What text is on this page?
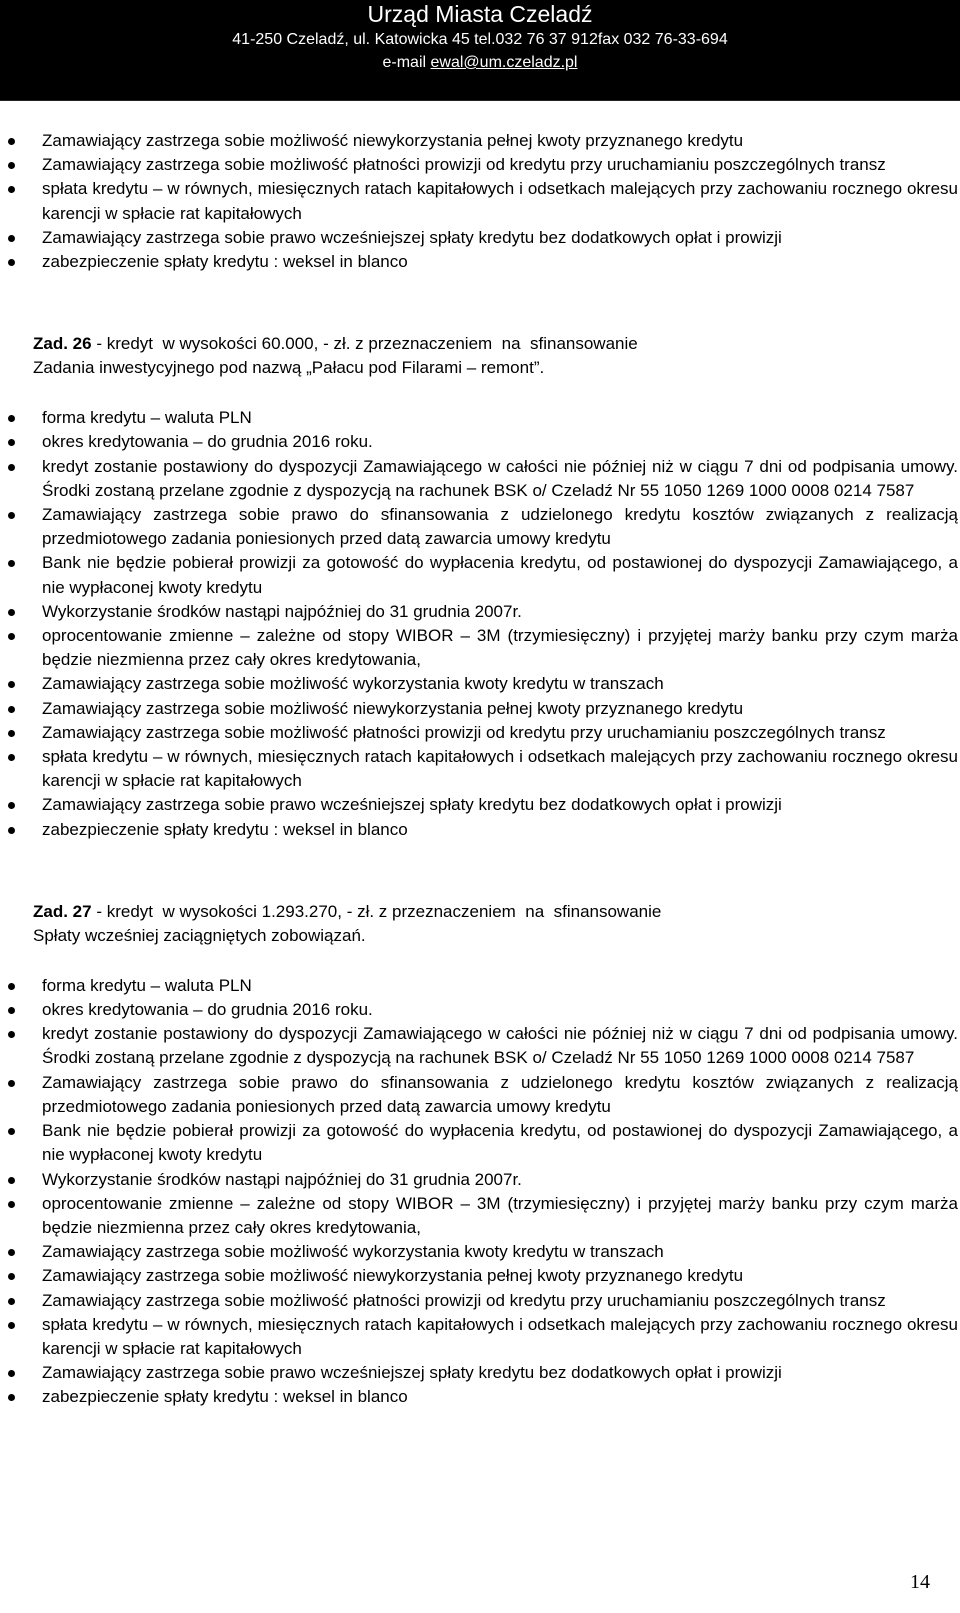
Urząd Miasta Czeladź
41-250 Czeladź, ul. Katowicka 45 tel.032 76 37 912fax 032 76-33-694
e-mail ewal@um.czeladz.pl
Zamawiający zastrzega sobie możliwość niewykorzystania pełnej kwoty przyznanego kredytu
Zamawiający zastrzega sobie możliwość płatności prowizji od kredytu przy uruchamianiu poszczególnych transz
spłata kredytu – w równych, miesięcznych ratach kapitałowych i odsetkach malejących przy zachowaniu rocznego okresu karencji w spłacie rat kapitałowych
Zamawiający zastrzega sobie prawo wcześniejszej spłaty kredytu bez dodatkowych opłat i prowizji
zabezpieczenie spłaty kredytu : weksel in blanco
Zad. 26 - kredyt  w wysokości 60.000, - zł. z przeznaczeniem  na  sfinansowanie
Zadania inwestycyjnego pod nazwą „Pałacu pod Filarami – remont”.
forma kredytu – waluta PLN
okres kredytowania – do grudnia 2016 roku.
kredyt zostanie postawiony do dyspozycji Zamawiającego w całości nie później niż w ciągu 7 dni od podpisania umowy. Środki zostaną przelane zgodnie z dyspozycją na rachunek BSK o/ Czeladź Nr 55 1050 1269 1000 0008 0214 7587
Zamawiający zastrzega sobie prawo do sfinansowania z udzielonego kredytu kosztów związanych z realizacją przedmiotowego zadania poniesionych przed datą zawarcia umowy kredytu
Bank nie będzie pobierał prowizji za gotowość do wypłacenia kredytu, od postawionej do dyspozycji Zamawiającego, a nie wypłaconej kwoty kredytu
Wykorzystanie środków nastąpi najpóźniej do 31 grudnia 2007r.
oprocentowanie zmienne – zależne od stopy WIBOR – 3M (trzymiesięczny) i przyjętej marży banku przy czym marża będzie niezmienna przez cały okres kredytowania,
Zamawiający zastrzega sobie możliwość wykorzystania kwoty kredytu w transzach
Zamawiający zastrzega sobie możliwość niewykorzystania pełnej kwoty przyznanego kredytu
Zamawiający zastrzega sobie możliwość płatności prowizji od kredytu przy uruchamianiu poszczególnych transz
spłata kredytu – w równych, miesięcznych ratach kapitałowych i odsetkach malejących przy zachowaniu rocznego okresu karencji w spłacie rat kapitałowych
Zamawiający zastrzega sobie prawo wcześniejszej spłaty kredytu bez dodatkowych opłat i prowizji
zabezpieczenie spłaty kredytu : weksel in blanco
Zad. 27 - kredyt  w wysokości 1.293.270, - zł. z przeznaczeniem  na  sfinansowanie
Spłaty wcześniej zaciągniętych zobowiązań.
forma kredytu – waluta PLN
okres kredytowania – do grudnia 2016 roku.
kredyt zostanie postawiony do dyspozycji Zamawiającego w całości nie później niż w ciągu 7 dni od podpisania umowy. Środki zostaną przelane zgodnie z dyspozycją na rachunek BSK o/ Czeladź Nr 55 1050 1269 1000 0008 0214 7587
Zamawiający zastrzega sobie prawo do sfinansowania z udzielonego kredytu kosztów związanych z realizacją przedmiotowego zadania poniesionych przed datą zawarcia umowy kredytu
Bank nie będzie pobierał prowizji za gotowość do wypłacenia kredytu, od postawionej do dyspozycji Zamawiającego, a nie wypłaconej kwoty kredytu
Wykorzystanie środków nastąpi najpóźniej do 31 grudnia 2007r.
oprocentowanie zmienne – zależne od stopy WIBOR – 3M (trzymiesięczny) i przyjętej marży banku przy czym marża będzie niezmienna przez cały okres kredytowania,
Zamawiający zastrzega sobie możliwość wykorzystania kwoty kredytu w transzach
Zamawiający zastrzega sobie możliwość niewykorzystania pełnej kwoty przyznanego kredytu
Zamawiający zastrzega sobie możliwość płatności prowizji od kredytu przy uruchamianiu poszczególnych transz
spłata kredytu – w równych, miesięcznych ratach kapitałowych i odsetkach malejących przy zachowaniu rocznego okresu karencji w spłacie rat kapitałowych
Zamawiający zastrzega sobie prawo wcześniejszej spłaty kredytu bez dodatkowych opłat i prowizji
zabezpieczenie spłaty kredytu : weksel in blanco
14
